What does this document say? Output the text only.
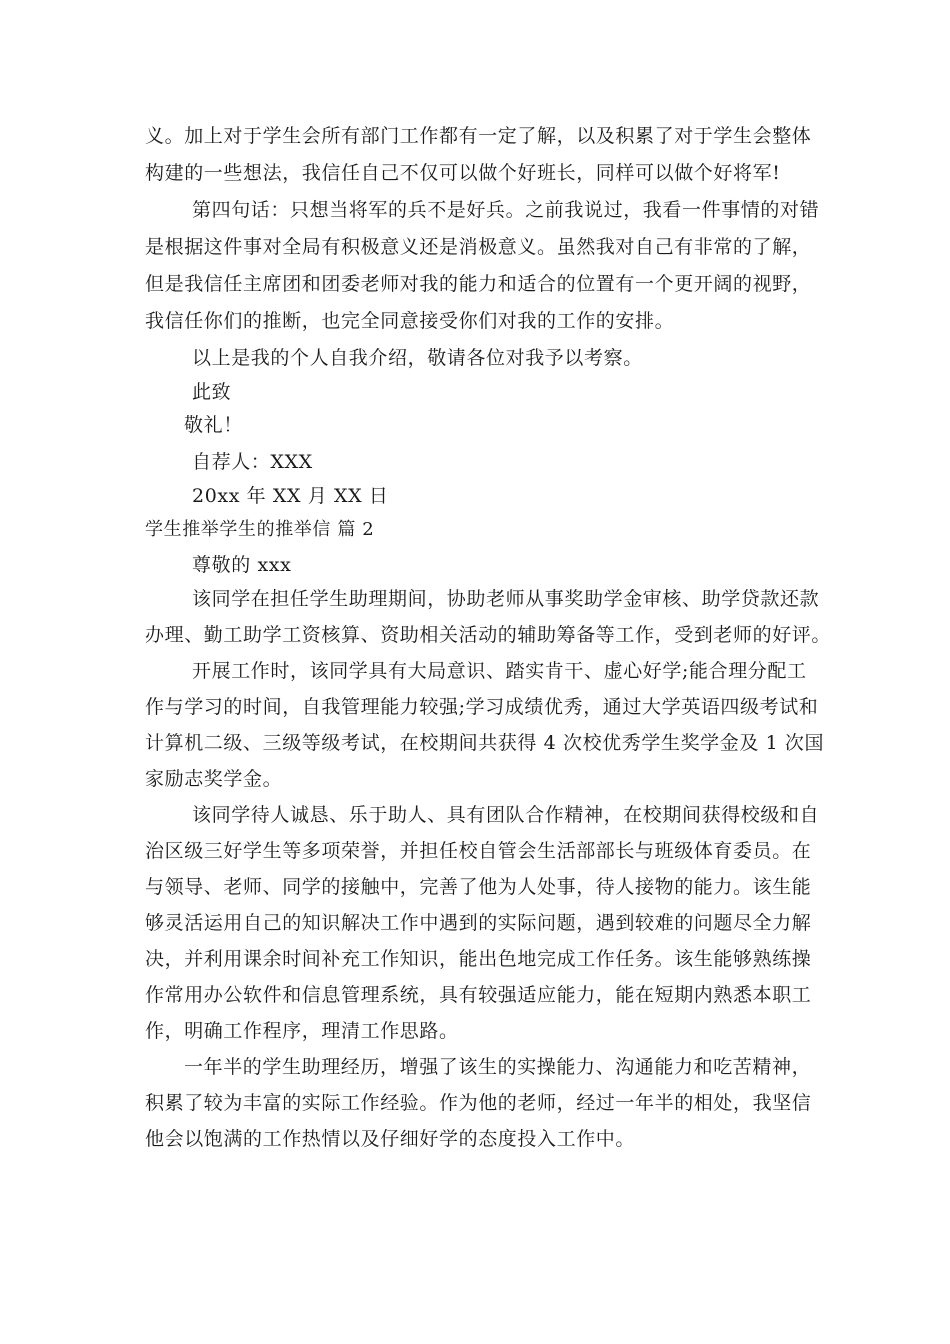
义。加上对于学生会所有部门工作都有一定了解，以及积累了对于学生会整体
构建的一些想法，我信任自己不仅可以做个好班长，同样可以做个好将军!
第四句话：只想当将军的兵不是好兵。之前我说过，我看一件事情的对错
是根据这件事对全局有积极意义还是消极意义。虽然我对自己有非常的了解，
但是我信任主席团和团委老师对我的能力和适合的位置有一个更开阔的视野，
我信任你们的推断，也完全同意接受你们对我的工作的安排。
以上是我的个人自我介绍，敬请各位对我予以考察。
此致
敬礼！
自荐人：XXX
20xx 年 XX 月 XX 日
学生推举学生的推举信 篇 2
尊敬的 xxx
该同学在担任学生助理期间，协助老师从事奖助学金审核、助学贷款还款
办理、勤工助学工资核算、资助相关活动的辅助筹备等工作，受到老师的好评。
开展工作时，该同学具有大局意识、踏实肯干、虚心好学;能合理分配工
作与学习的时间，自我管理能力较强;学习成绩优秀，通过大学英语四级考试和
计算机二级、三级等级考试，在校期间共获得 4 次校优秀学生奖学金及 1 次国
家励志奖学金。
该同学待人诚恳、乐于助人、具有团队合作精神，在校期间获得校级和自
治区级三好学生等多项荣誉，并担任校自管会生活部部长与班级体育委员。在
与领导、老师、同学的接触中，完善了他为人处事，待人接物的能力。该生能
够灵活运用自己的知识解决工作中遇到的实际问题，遇到较难的问题尽全力解
决，并利用课余时间补充工作知识，能出色地完成工作任务。该生能够熟练操
作常用办公软件和信息管理系统，具有较强适应能力，能在短期内熟悉本职工
作，明确工作程序，理清工作思路。
一年半的学生助理经历，增强了该生的实操能力、沟通能力和吃苦精神，
积累了较为丰富的实际工作经验。作为他的老师，经过一年半的相处，我坚信
他会以饱满的工作热情以及仔细好学的态度投入工作中。
